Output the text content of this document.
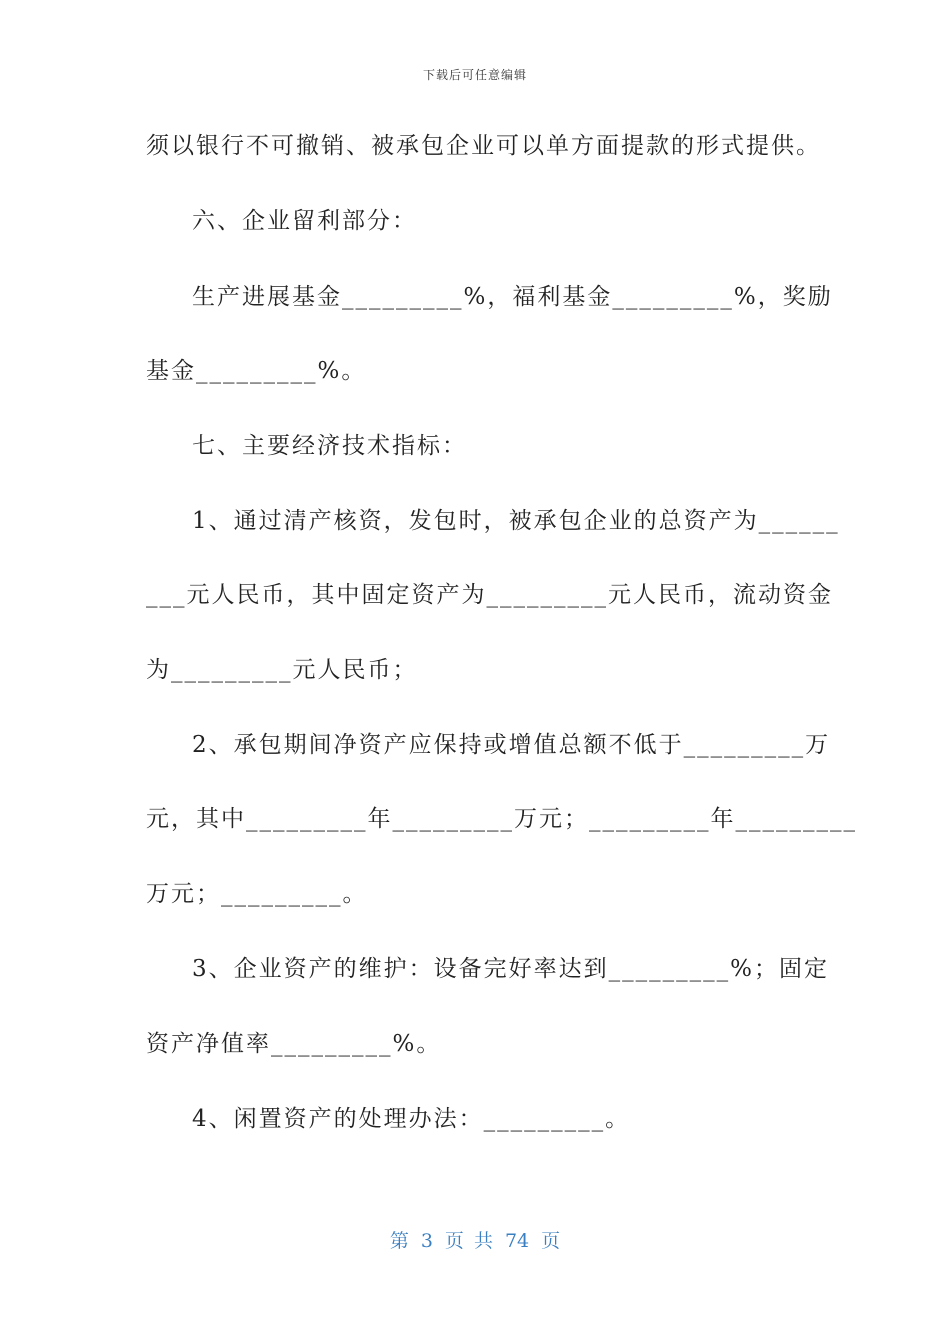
下载后可任意编辑
须以银行不可撤销、被承包企业可以单方面提款的形式提供。
六、企业留利部分：
生产进展基金_________%，福利基金_________%，奖励
基金_________%。
七、主要经济技术指标：
1、通过清产核资，发包时，被承包企业的总资产为______
___元人民币，其中固定资产为_________元人民币，流动资金
为_________元人民币；
2、承包期间净资产应保持或增值总额不低于_________万
元，其中_________年_________万元；_________年_________
万元；_________。
3、企业资产的维护：设备完好率达到_________%；固定
资产净值率_________%。
4、闲置资产的处理办法：_________。
第 3 页 共 74 页
